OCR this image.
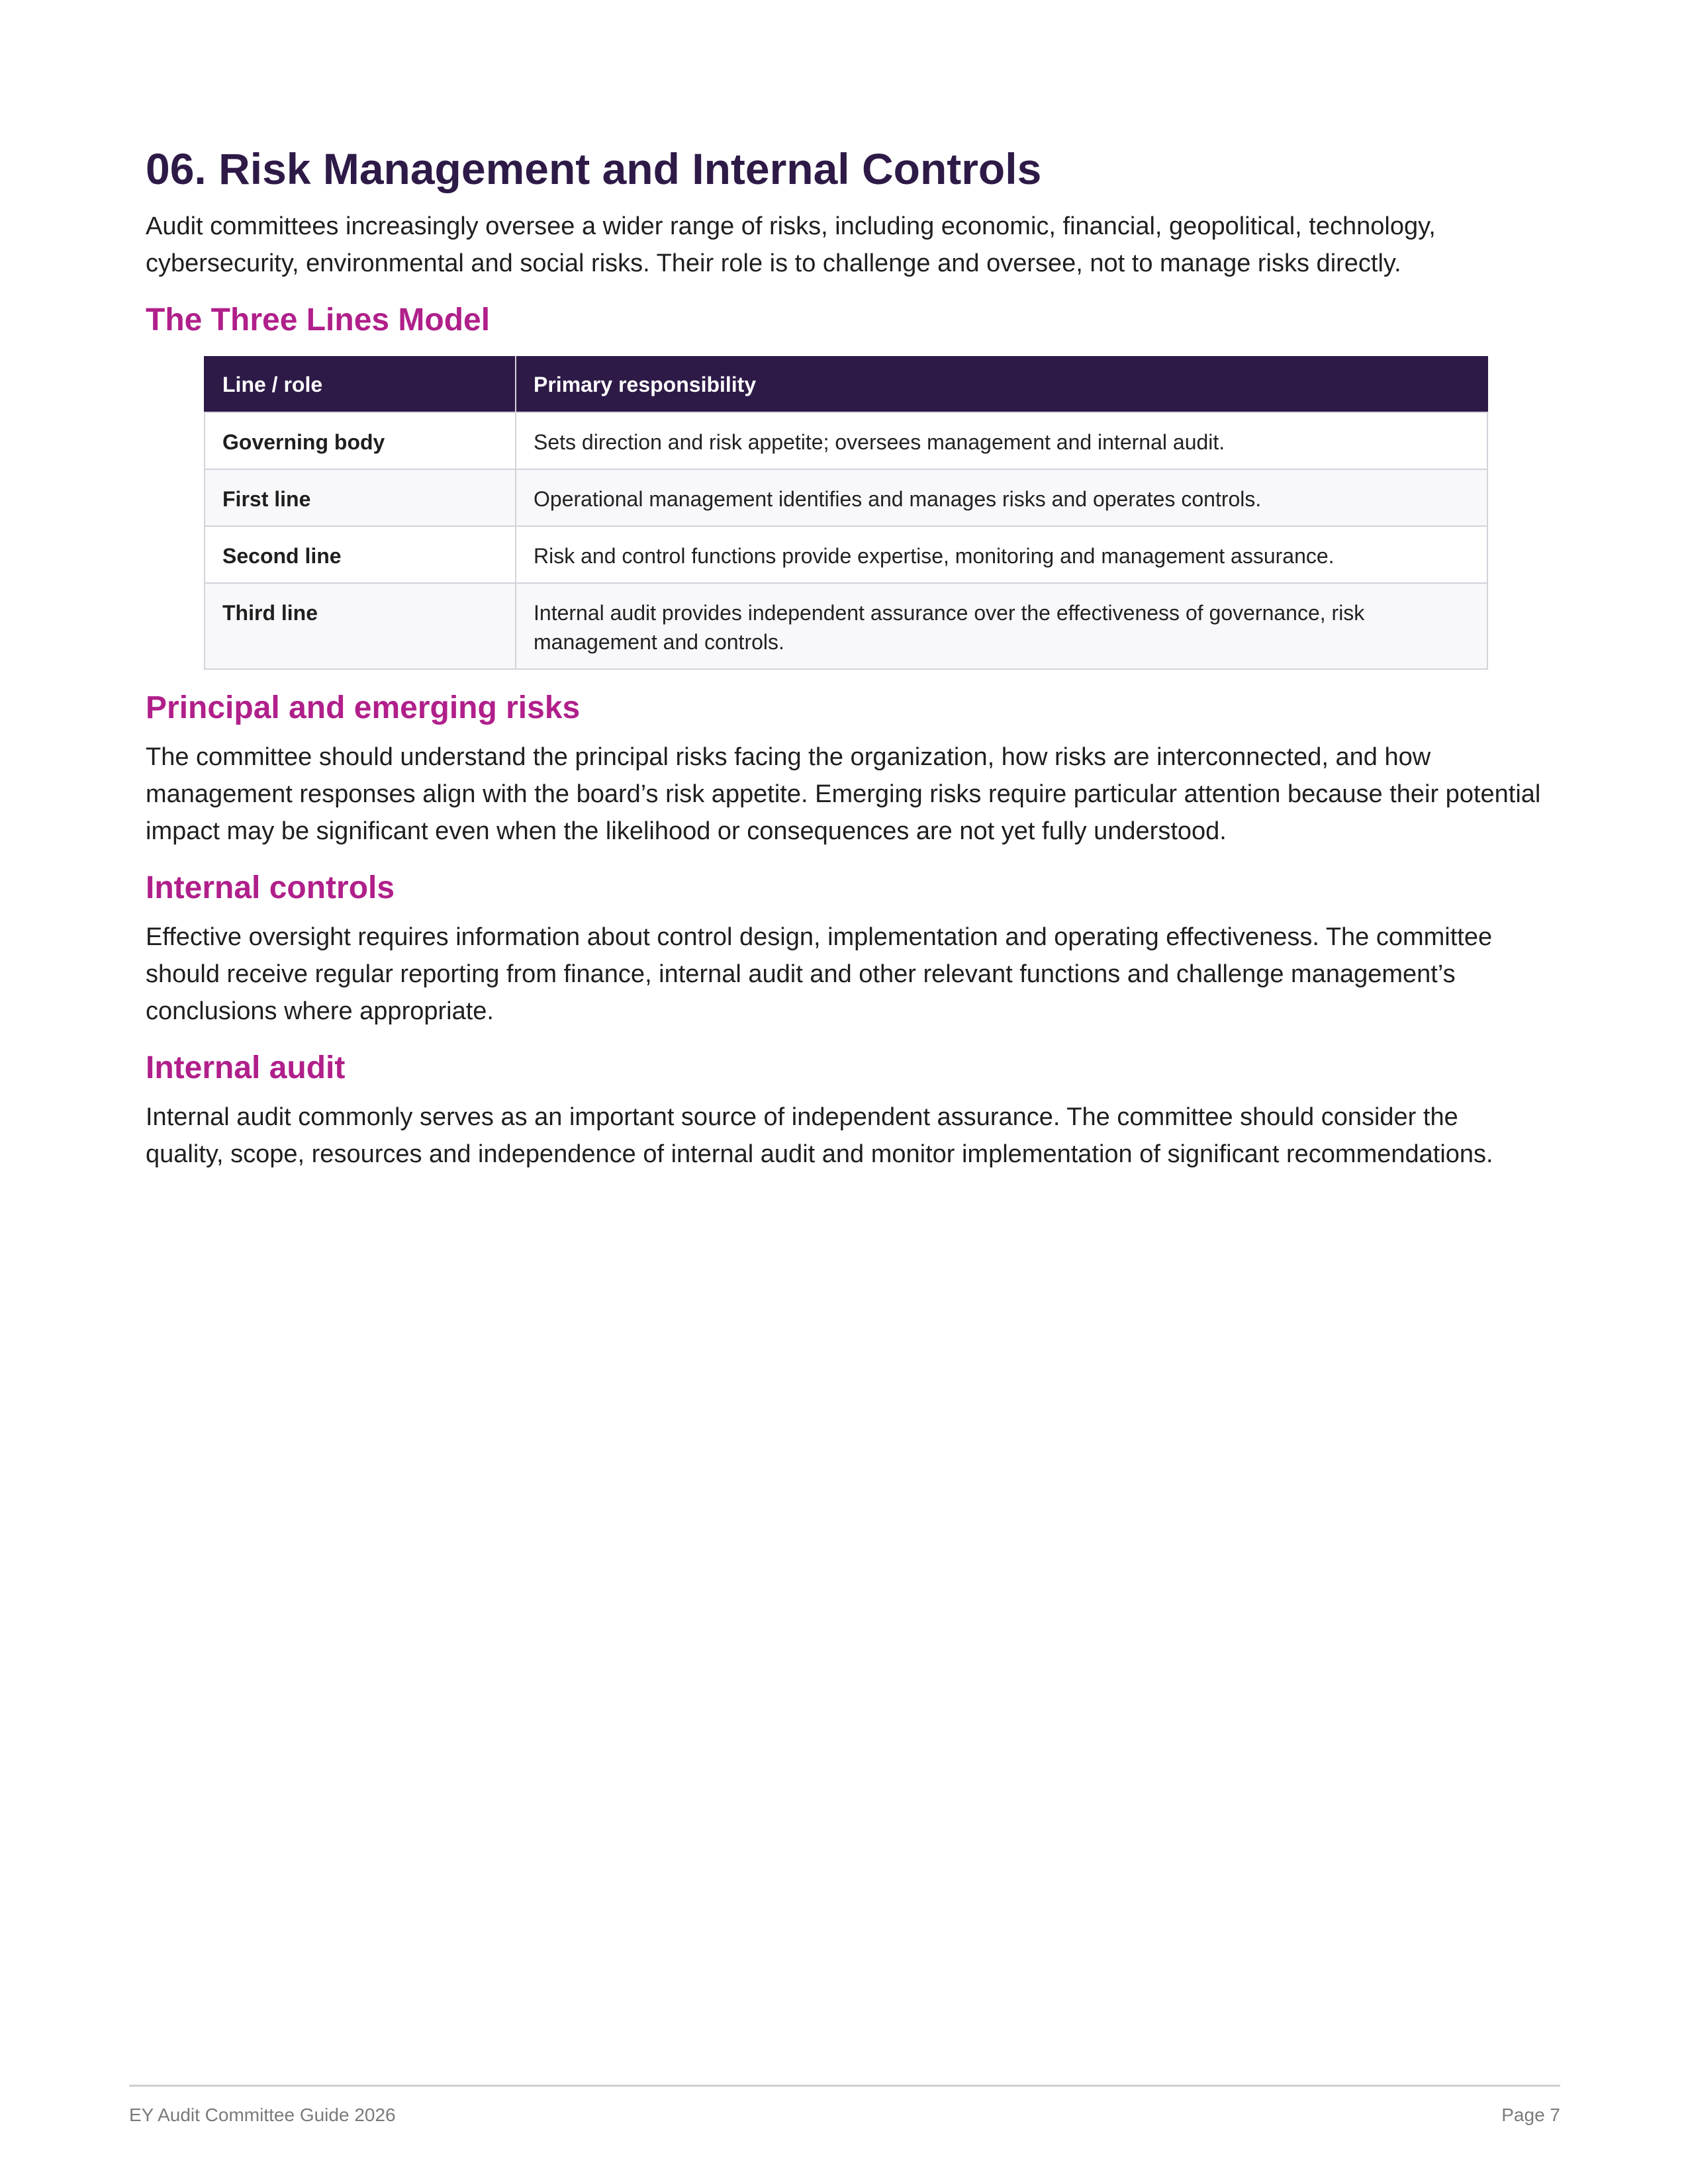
06. Risk Management and Internal Controls

Audit committees increasingly oversee a wider range of risks, including economic, financial, geopolitical, technology, cybersecurity, environmental and social risks. Their role is to challenge and oversee, not to manage risks directly.

The Three Lines Model
Line / role	Primary responsibility
Governing body	Sets direction and risk appetite; oversees management and internal audit.
First line	Operational management identifies and manages risks and operates controls.
Second line	Risk and control functions provide expertise, monitoring and management assurance.
Third line	Internal audit provides independent assurance over the effectiveness of governance, risk management and controls.
Principal and emerging risks

The committee should understand the principal risks facing the organization, how risks are interconnected, and how management responses align with the board’s risk appetite. Emerging risks require particular attention because their potential impact may be significant even when the likelihood or consequences are not yet fully understood.

Internal controls

Effective oversight requires information about control design, implementation and operating effectiveness. The committee should receive regular reporting from finance, internal audit and other relevant functions and challenge management’s conclusions where appropriate.

Internal audit

Internal audit commonly serves as an important source of independent assurance. The committee should consider the quality, scope, resources and independence of internal audit and monitor implementation of significant recommendations.

EY Audit Committee Guide 2026	Page 7
